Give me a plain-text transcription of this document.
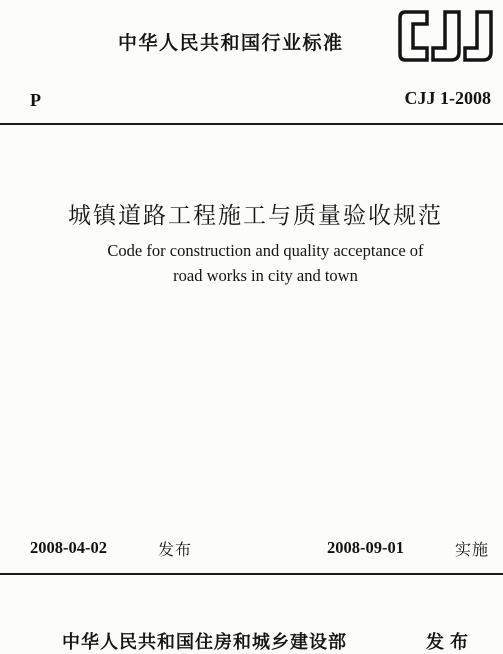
中华人民共和国行业标准
P	CJJ 1-2008
城镇道路工程施工与质量验收规范
Code for construction and quality acceptance of
road works in city and town
2008-04-02	发布	2008-09-01	实施
中华人民共和国住房和城乡建设部	发布
